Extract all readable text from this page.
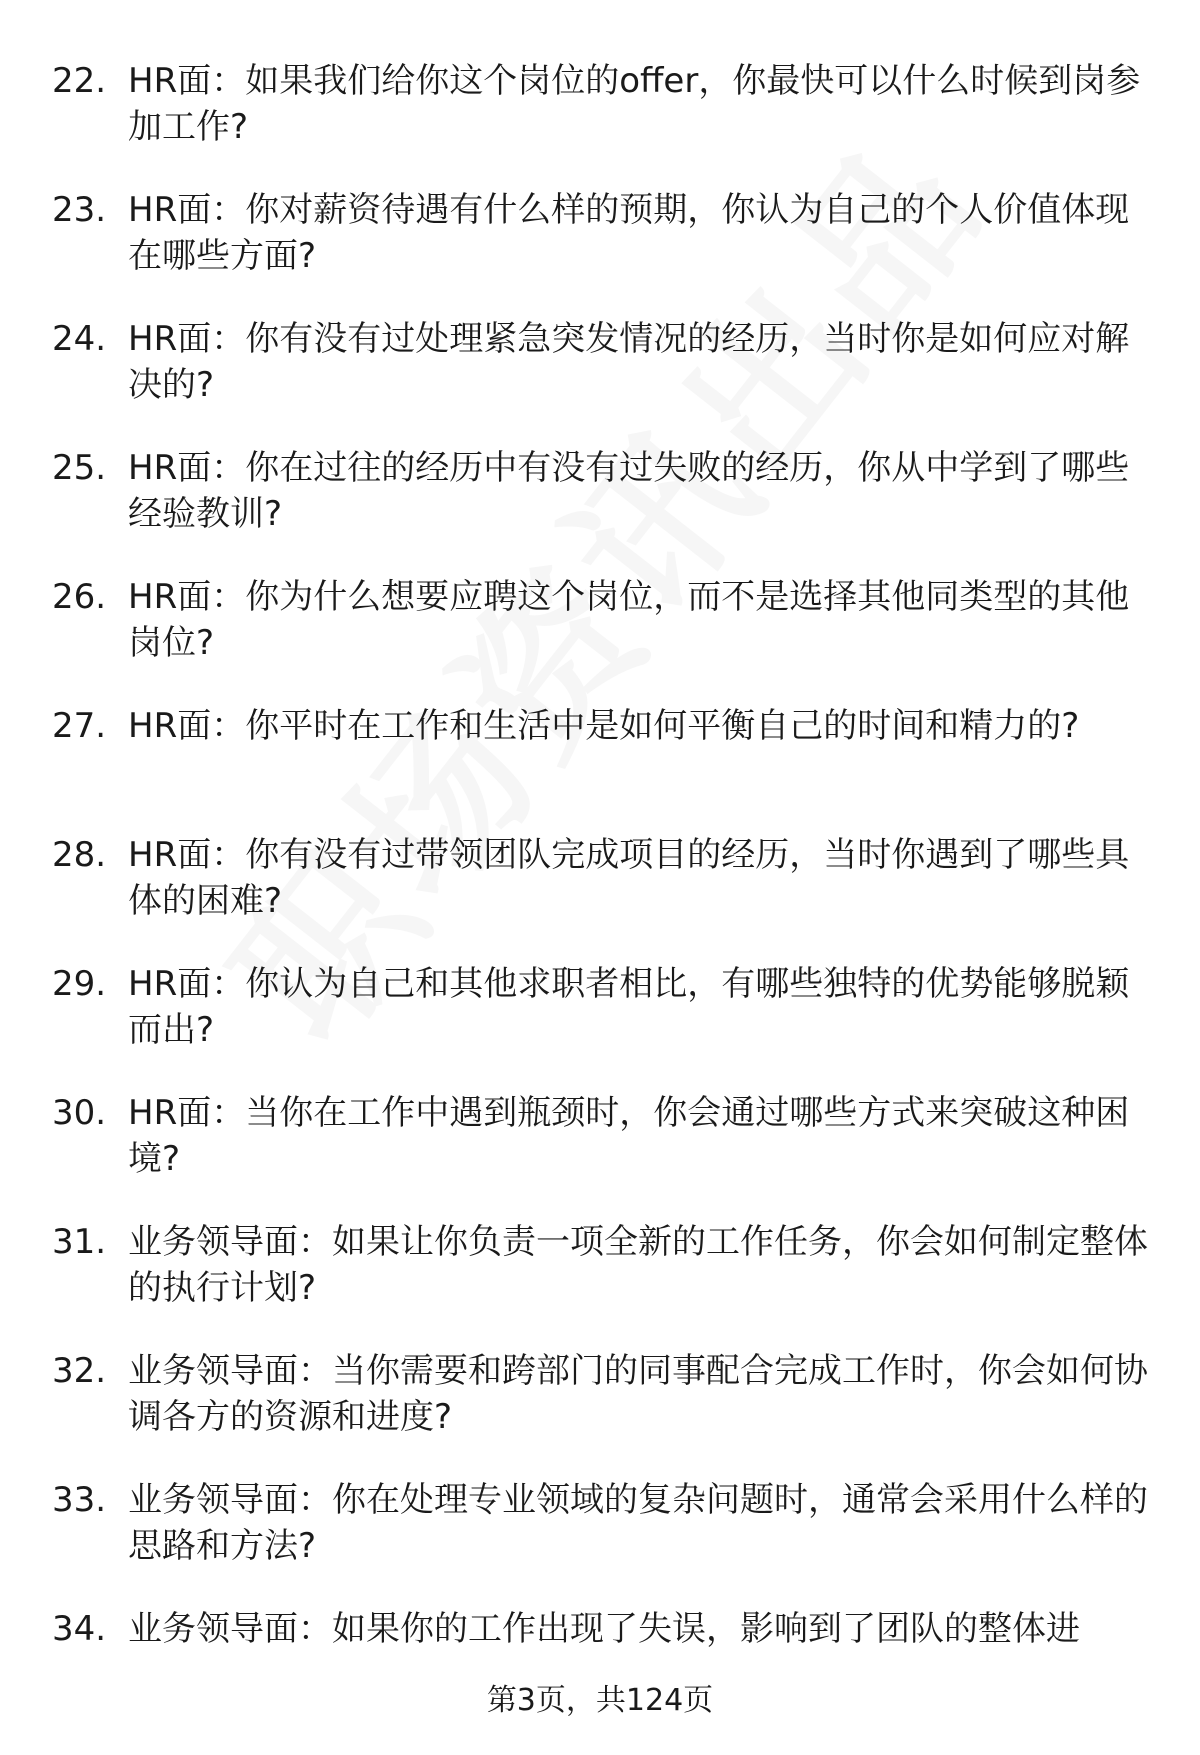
22. HR面：如果我们给你这个岗位的offer，你最快可以什么时候到岗参加工作?
23. HR面：你对薪资待遇有什么样的预期，你认为自己的个人价值体现在哪些方面?
24. HR面：你有没有过处理紧急突发情况的经历，当时你是如何应对解决的?
25. HR面：你在过往的经历中有没有过失败的经历，你从中学到了哪些经验教训?
26. HR面：你为什么想要应聘这个岗位，而不是选择其他同类型的其他岗位?
27. HR面：你平时在工作和生活中是如何平衡自己的时间和精力的?
28. HR面：你有没有过带领团队完成项目的经历，当时你遇到了哪些具体的困难?
29. HR面：你认为自己和其他求职者相比，有哪些独特的优势能够脱颖而出?
30. HR面：当你在工作中遇到瓶颈时，你会通过哪些方式来突破这种困境?
31. 业务领导面：如果让你负责一项全新的工作任务，你会如何制定整体的执行计划?
32. 业务领导面：当你需要和跨部门的同事配合完成工作时，你会如何协调各方的资源和进度?
33. 业务领导面：你在处理专业领域的复杂问题时，通常会采用什么样的思路和方法?
34. 业务领导面：如果你的工作出现了失误，影响到了团队的整体进
第3页，共124页
